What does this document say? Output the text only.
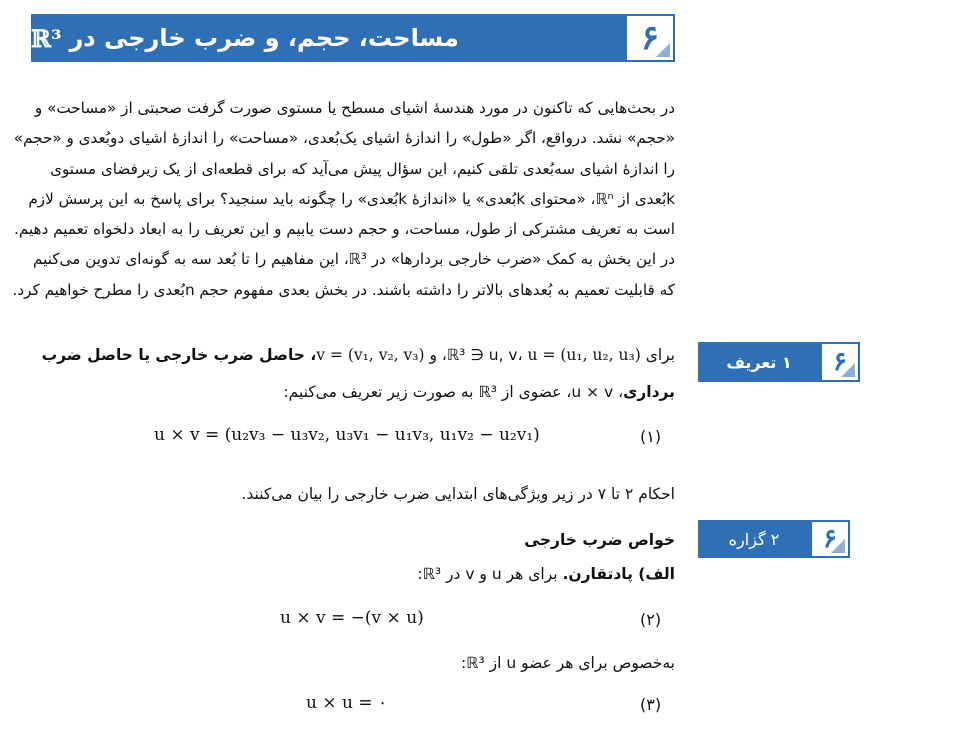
۶
مساحت، حجم، و ضرب خارجی در
ℝ³
در بحث‌هایی که تاکنون در مورد هندسهٔ اشیای مسطح یا مستوی صورت گرفت صحبتی از «مساحت» و
«حجم» نشد. درواقع، اگر «طول» را اندازهٔ اشیای یک‌بُعدی، «مساحت» را اندازهٔ اشیای دوبُعدی و «حجم»
را اندازهٔ اشیای سه‌بُعدی تلقی کنیم، این سؤال پیش می‌آید که برای قطعه‌ای از یک زیرفضای مستوی
kبُعدی از ℝⁿ، «محتوای kبُعدی» یا «اندازهٔ kبُعدی» را چگونه باید سنجید؟ برای پاسخ به این پرسش لازم
است به تعریف مشترکی از طول، مساحت، و حجم دست یابیم و این تعریف را به ابعاد دلخواه تعمیم دهیم.
در این بخش به کمک «ضرب خارجی بردارها» در ℝ³، این مفاهیم را تا بُعد سه به گونه‌ای تدوین می‌کنیم
که قابلیت تعمیم به بُعدهای بالاتر را داشته باشند. در بخش بعدی مفهوم حجم nبُعدی را مطرح خواهیم کرد.
۶
۱ تعریف
برای ℝ³ ∋ u, v، u = (u₁, u₂, u₃)، و v = (v₁, v₂, v₃)، حاصل ضرب خارجی یا حاصل ضرب
برداری، u × v، عضوی از ℝ³ به صورت زیر تعریف می‌کنیم:
u × v = (u₂v₃ − u₃v₂, u₃v₁ − u₁v₃, u₁v₂ − u₂v₁)	(۱)
احکام ۲ تا ۷ در زیر ویژگی‌های ابتدایی ضرب خارجی را بیان می‌کنند.
۶
۲ گزاره
خواص ضرب خارجی
الف) پادتقارن. برای هر u و v در ℝ³:
u × v = −(v × u)	(۲)
به‌خصوص برای هر عضو u از ℝ³:
u × u = ۰	(۳)
